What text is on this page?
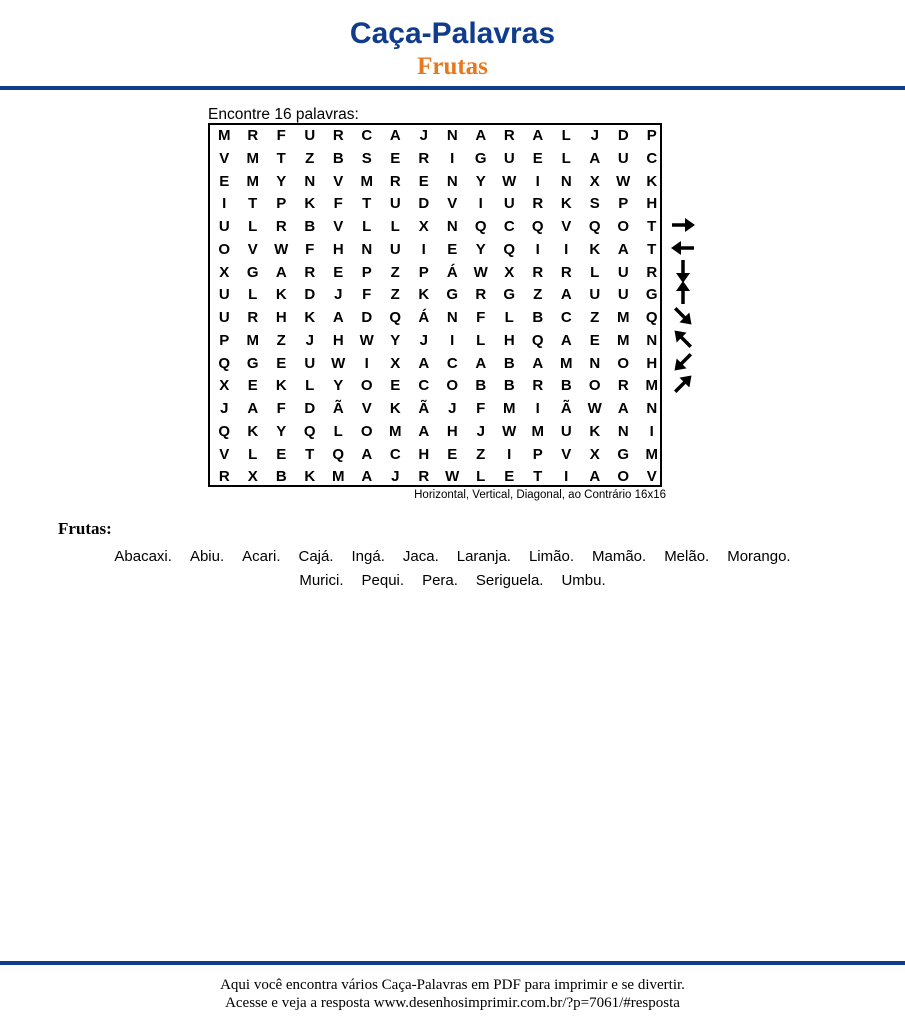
Caça-Palavras
Frutas
Encontre 16 palavras:
M	R	F	U	R	C	A	J	N	A	R	A	L	J	D	P
V	M	T	Z	B	S	E	R	I	G	U	E	L	A	U	C
E	M	Y	N	V	M	R	E	N	Y	W	I	N	X	W	K
I	T	P	K	F	T	U	D	V	I	U	R	K	S	P	H
U	L	R	B	V	L	L	X	N	Q	C	Q	V	Q	O	T
O	V	W	F	H	N	U	I	E	Y	Q	I	I	K	A	T
X	G	A	R	E	P	Z	P	Á	W	X	R	R	L	U	R
U	L	K	D	J	F	Z	K	G	R	G	Z	A	U	U	G
U	R	H	K	A	D	Q	Á	N	F	L	B	C	Z	M	Q
P	M	Z	J	H	W	Y	J	I	L	H	Q	A	E	M	N
Q	G	E	U	W	I	X	A	C	A	B	A	M	N	O	H
X	E	K	L	Y	O	E	C	O	B	B	R	B	O	R	M
J	A	F	D	Ã	V	K	Ã	J	F	M	I	Ã	W	A	N
Q	K	Y	Q	L	O	M	A	H	J	W	M	U	K	N	I
V	L	E	T	Q	A	C	H	E	Z	I	P	V	X	G	M
R	X	B	K	M	A	J	R	W	L	E	T	I	A	O	V
Horizontal, Vertical, Diagonal, ao Contrário 16x16
Frutas:
Abacaxi. Abiu. Acari. Cajá. Ingá. Jaca. Laranja. Limão. Mamão. Melão. Morango.
Murici. Pequi. Pera. Seriguela. Umbu.
Aqui você encontra vários Caça-Palavras em PDF para imprimir e se divertir.
Acesse e veja a resposta www.desenhosimprimir.com.br/?p=7061/#resposta
